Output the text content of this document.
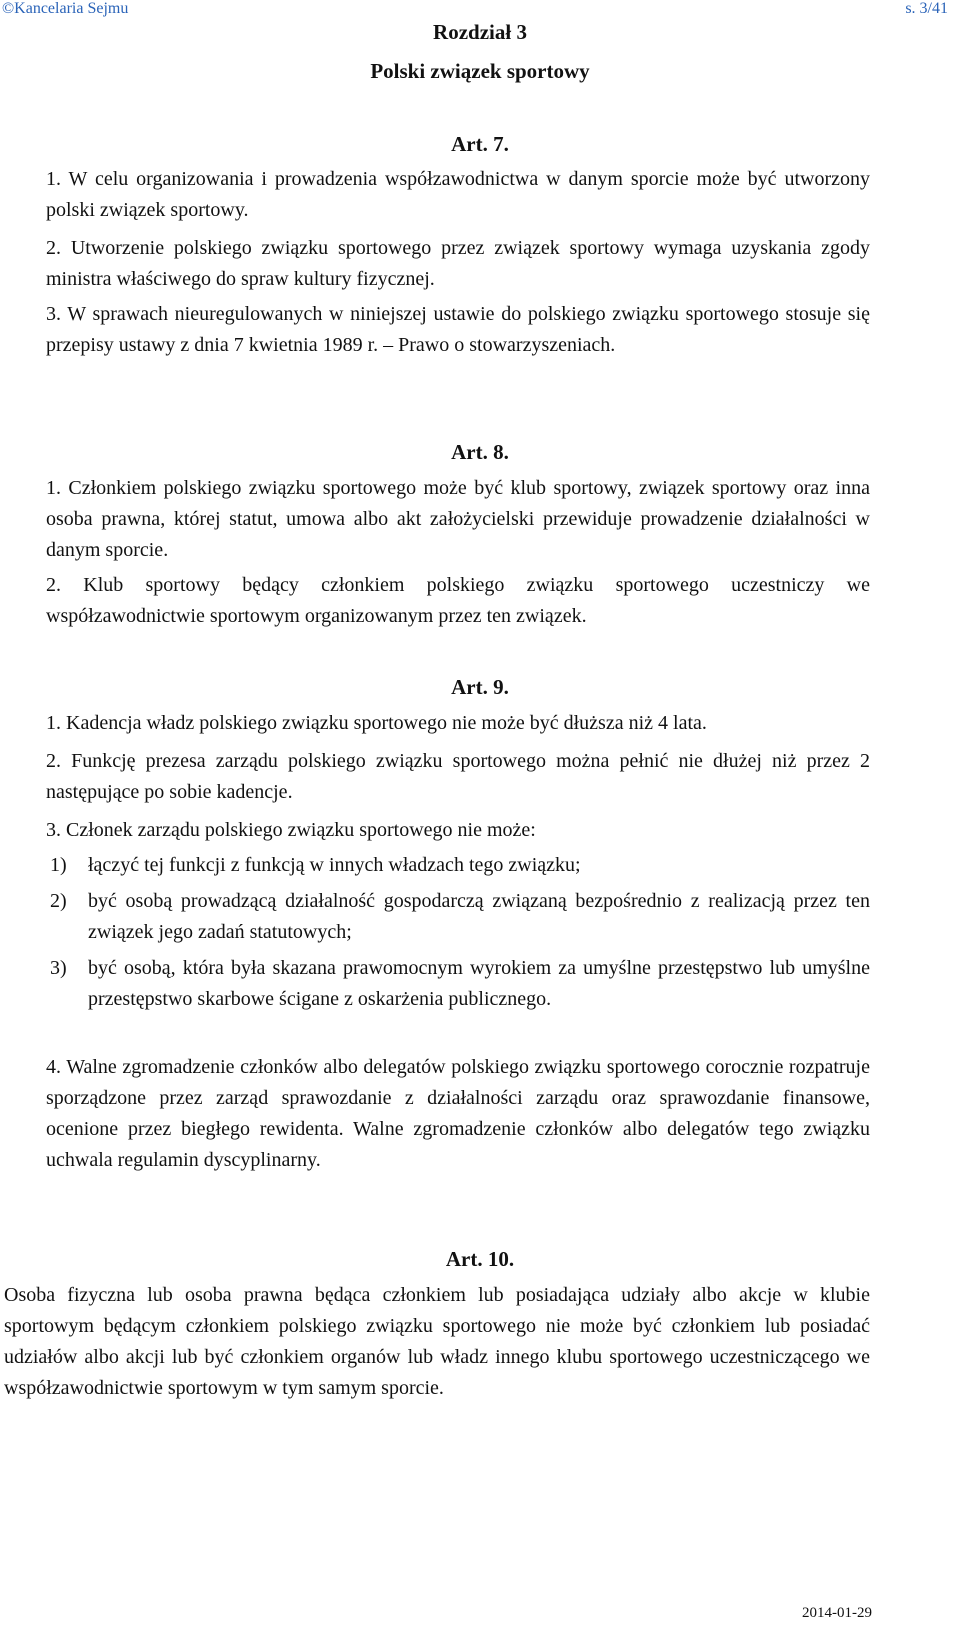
©Kancelaria Sejmu	s. 3/41

Rozdział 3

Polski związek sportowy

Art. 7.

1. W celu organizowania i prowadzenia współzawodnictwa w danym sporcie może być utworzony polski związek sportowy.

2. Utworzenie polskiego związku sportowego przez związek sportowy wymaga uzyskania zgody ministra właściwego do spraw kultury fizycznej.

3. W sprawach nieuregulowanych w niniejszej ustawie do polskiego związku sportowego stosuje się przepisy ustawy z dnia 7 kwietnia 1989 r. – Prawo o stowarzyszeniach.

Art. 8.

1. Członkiem polskiego związku sportowego może być klub sportowy, związek sportowy oraz inna osoba prawna, której statut, umowa albo akt założycielski przewiduje prowadzenie działalności w danym sporcie.

2. Klub sportowy będący członkiem polskiego związku sportowego uczestniczy we współzawodnictwie sportowym organizowanym przez ten związek.

Art. 9.

1. Kadencja władz polskiego związku sportowego nie może być dłuższa niż 4 lata.

2. Funkcję prezesa zarządu polskiego związku sportowego można pełnić nie dłużej niż przez 2 następujące po sobie kadencje.

3. Członek zarządu polskiego związku sportowego nie może:

1)	łączyć tej funkcji z funkcją w innych władzach tego związku;
2)	być osobą prowadzącą działalność gospodarczą związaną bezpośrednio z realizacją przez ten związek jego zadań statutowych;
3)	być osobą, która była skazana prawomocnym wyrokiem za umyślne przestępstwo lub umyślne przestępstwo skarbowe ścigane z oskarżenia publicznego.

4. Walne zgromadzenie członków albo delegatów polskiego związku sportowego corocznie rozpatruje sporządzone przez zarząd sprawozdanie z działalności zarządu oraz sprawozdanie finansowe, ocenione przez biegłego rewidenta. Walne zgromadzenie członków albo delegatów tego związku uchwala regulamin dyscyplinarny.

Art. 10.

Osoba fizyczna lub osoba prawna będąca członkiem lub posiadająca udziały albo akcje w klubie sportowym będącym członkiem polskiego związku sportowego nie może być członkiem lub posiadać udziałów albo akcji lub być członkiem organów lub władz innego klubu sportowego uczestniczącego we współzawodnictwie sportowym w tym samym sporcie.

2014-01-29
